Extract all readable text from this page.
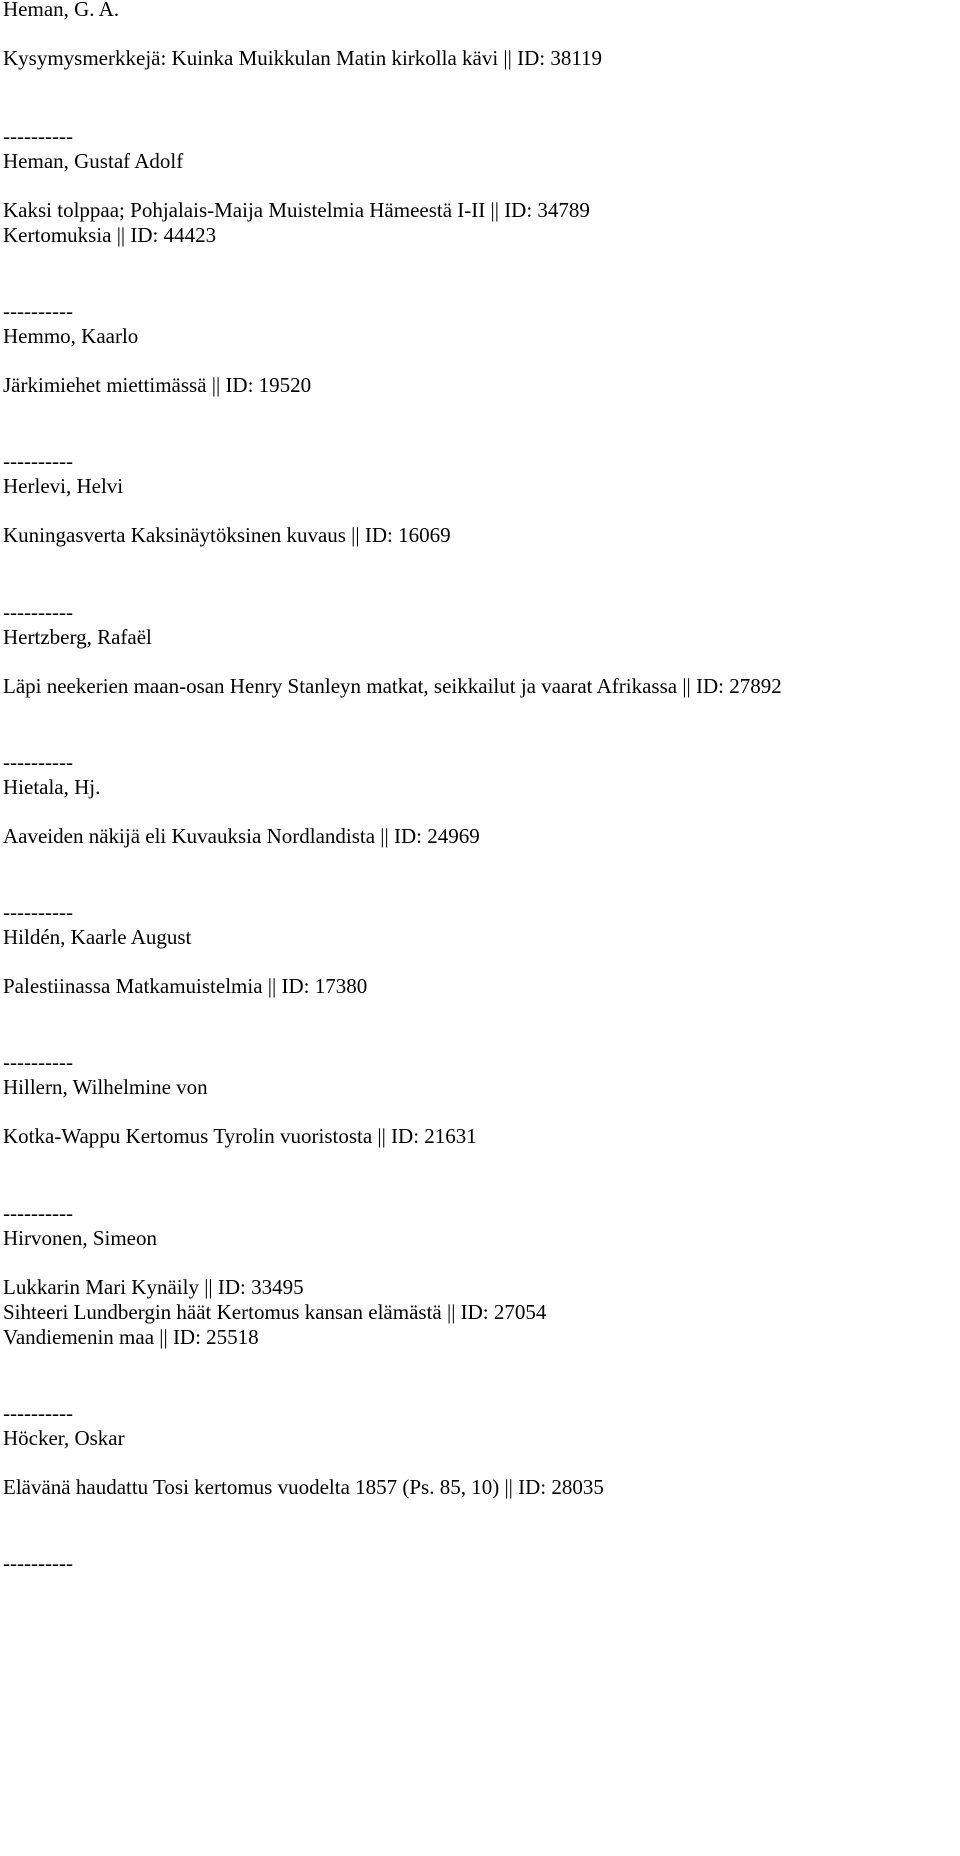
Heman, G. A.
Kysymysmerkkejä: Kuinka Muikkulan Matin kirkolla kävi || ID: 38119
----------
Heman, Gustaf Adolf
Kaksi tolppaa; Pohjalais-Maija Muistelmia Hämeestä I-II || ID: 34789
Kertomuksia || ID: 44423
----------
Hemmo, Kaarlo
Järkimiehet miettimässä || ID: 19520
----------
Herlevi, Helvi
Kuningasverta Kaksinäytöksinen kuvaus || ID: 16069
----------
Hertzberg, Rafaël
Läpi neekerien maan-osan Henry Stanleyn matkat, seikkailut ja vaarat Afrikassa || ID: 27892
----------
Hietala, Hj.
Aaveiden näkijä eli Kuvauksia Nordlandista || ID: 24969
----------
Hildén, Kaarle August
Palestiinassa Matkamuistelmia || ID: 17380
----------
Hillern, Wilhelmine von
Kotka-Wappu Kertomus Tyrolin vuoristosta || ID: 21631
----------
Hirvonen, Simeon
Lukkarin Mari Kynäily || ID: 33495
Sihteeri Lundbergin häät Kertomus kansan elämästä || ID: 27054
Vandiemenin maa || ID: 25518
----------
Höcker, Oskar
Elävänä haudattu Tosi kertomus vuodelta 1857 (Ps. 85, 10) || ID: 28035
----------
